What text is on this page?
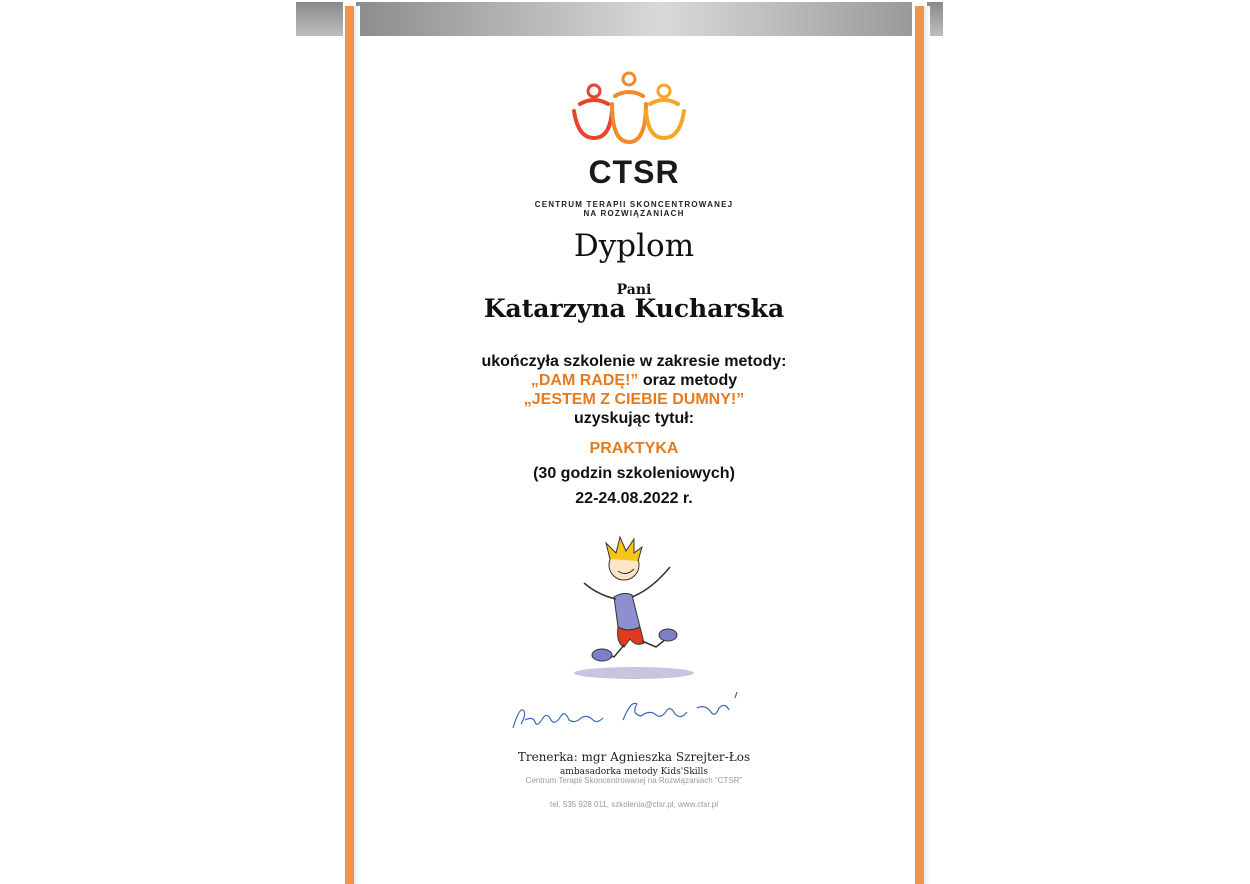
CTSR
CENTRUM TERAPII SKONCENTROWANEJ
NA ROZWIĄZANIACH
Dyplom
Pani
Katarzyna Kucharska
ukończyła szkolenie w zakresie metody:
„DAM RADĘ!” oraz metody
„JESTEM Z CIEBIE DUMNY!”
uzyskując tytuł:
PRAKTYKA
(30 godzin szkoleniowych)
22-24.08.2022 r.
Trenerka: mgr Agnieszka Szrejter-Łos
ambasadorka metody Kids'Skills
Centrum Terapii Skoncentrowanej na Rozwiązaniach "CTSR"
tel. 535 928 011, szkolenia@ctsr.pl, www.ctsr.pl
